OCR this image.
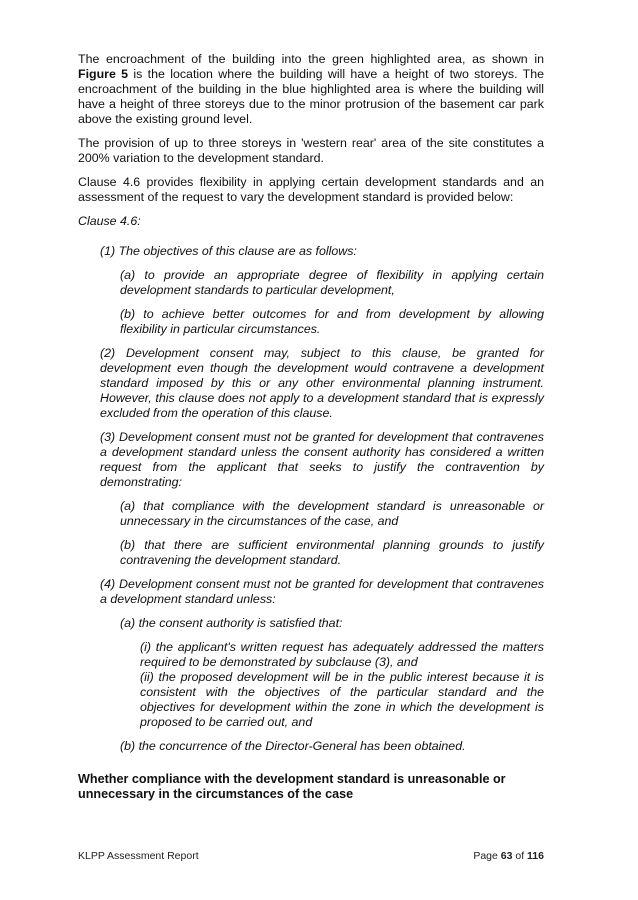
The encroachment of the building into the green highlighted area, as shown in Figure 5 is the location where the building will have a height of two storeys. The encroachment of the building in the blue highlighted area is where the building will have a height of three storeys due to the minor protrusion of the basement car park above the existing ground level.

The provision of up to three storeys in 'western rear' area of the site constitutes a 200% variation to the development standard.

Clause 4.6 provides flexibility in applying certain development standards and an assessment of the request to vary the development standard is provided below:

Clause 4.6:

(1) The objectives of this clause are as follows:

(a) to provide an appropriate degree of flexibility in applying certain development standards to particular development,

(b) to achieve better outcomes for and from development by allowing flexibility in particular circumstances.

(2) Development consent may, subject to this clause, be granted for development even though the development would contravene a development standard imposed by this or any other environmental planning instrument. However, this clause does not apply to a development standard that is expressly excluded from the operation of this clause.

(3) Development consent must not be granted for development that contravenes a development standard unless the consent authority has considered a written request from the applicant that seeks to justify the contravention by demonstrating:

(a) that compliance with the development standard is unreasonable or unnecessary in the circumstances of the case, and

(b) that there are sufficient environmental planning grounds to justify contravening the development standard.

(4) Development consent must not be granted for development that contravenes a development standard unless:

(a) the consent authority is satisfied that:

(i) the applicant's written request has adequately addressed the matters required to be demonstrated by subclause (3), and

(ii) the proposed development will be in the public interest because it is consistent with the objectives of the particular standard and the objectives for development within the zone in which the development is proposed to be carried out, and

(b) the concurrence of the Director-General has been obtained.

Whether compliance with the development standard is unreasonable or unnecessary in the circumstances of the case
KLPP Assessment Report	Page 63 of 116
